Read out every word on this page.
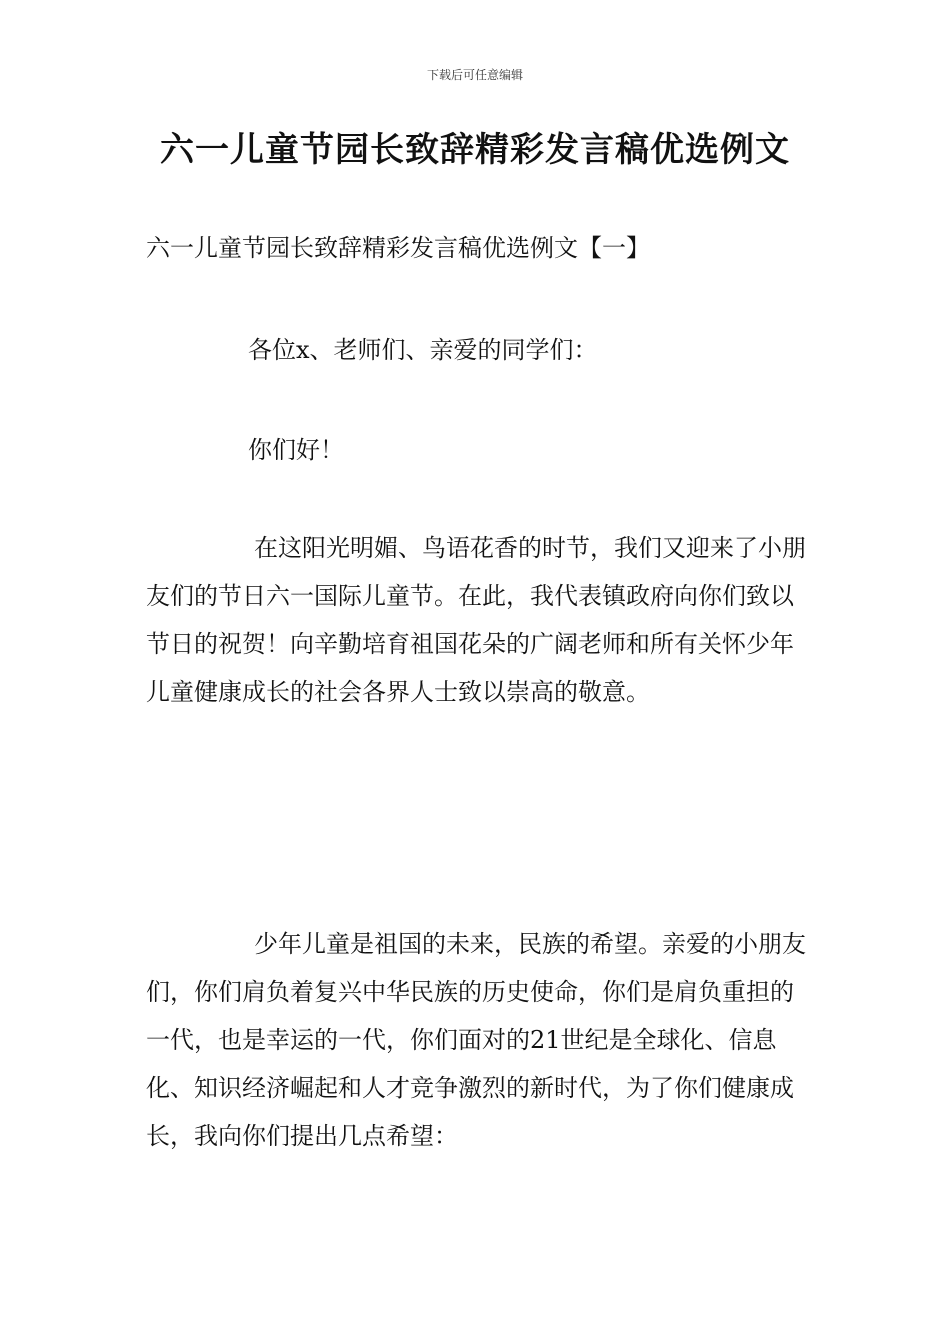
下载后可任意编辑
六一儿童节园长致辞精彩发言稿优选例文
六一儿童节园长致辞精彩发言稿优选例文【一】

各位x、老师们、亲爱的同学们：

你们好！

在这阳光明媚、鸟语花香的时节，我们又迎来了小朋友们的节日六一国际儿童节。在此，我代表镇政府向你们致以节日的祝贺！向辛勤培育祖国花朵的广阔老师和所有关怀少年儿童健康成长的社会各界人士致以崇高的敬意。

少年儿童是祖国的未来，民族的希望。亲爱的小朋友们，你们肩负着复兴中华民族的历史使命，你们是肩负重担的一代，也是幸运的一代，你们面对的21世纪是全球化、信息化、知识经济崛起和人才竞争激烈的新时代，为了你们健康成长，我向你们提出几点希望：
